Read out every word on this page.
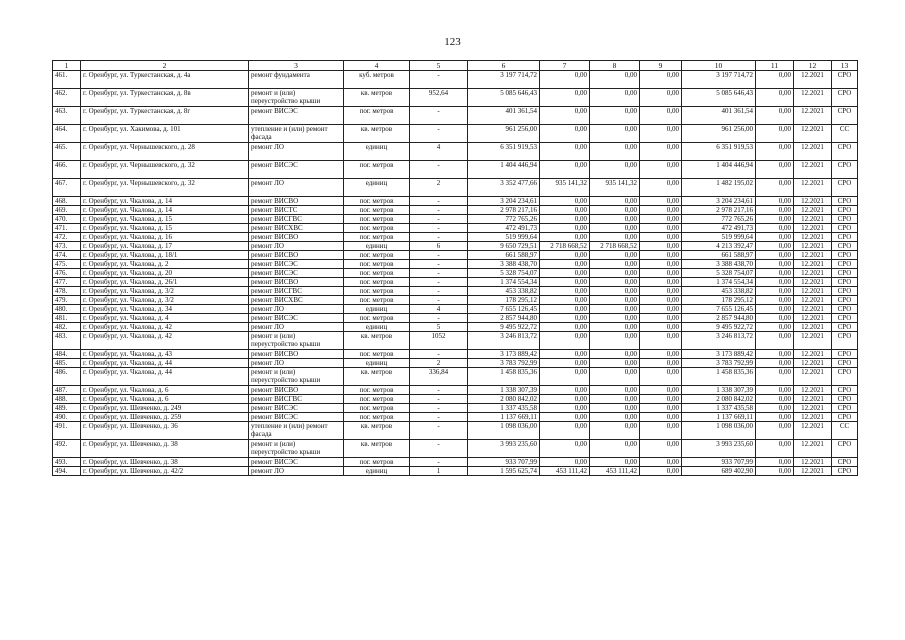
123
1	2	3	4	5	6	7	8	9	10	11	12	13
461.	г. Оренбург, ул. Туркестанская, д. 4а	ремонт фундамента	куб. метров	-	3 197 714,72	0,00	0,00	0,00	3 197 714,72	0,00	12.2021	СРО
462.	г. Оренбург, ул. Туркестанская, д. 8в	ремонт и (или) переустройство крыши	кв. метров	952,64	5 085 646,43	0,00	0,00	0,00	5 085 646,43	0,00	12.2021	СРО
463.	г. Оренбург, ул. Туркестанская, д. 8г	ремонт ВИСЭС	пог. метров	-	401 361,54	0,00	0,00	0,00	401 361,54	0,00	12.2021	СРО
464.	г. Оренбург, ул. Хакимова, д. 101	утепление и (или) ремонт фасада	кв. метров	-	961 256,00	0,00	0,00	0,00	961 256,00	0,00	12.2021	СС
465.	г. Оренбург, ул. Чернышевского, д. 28	ремонт ЛО	единиц	4	6 351 919,53	0,00	0,00	0,00	6 351 919,53	0,00	12.2021	СРО
466.	г. Оренбург, ул. Чернышевского, д. 32	ремонт ВИСЭС	пог. метров	-	1 404 446,94	0,00	0,00	0,00	1 404 446,94	0,00	12.2021	СРО
467.	г. Оренбург, ул. Чернышевского, д. 32	ремонт ЛО	единиц	2	3 352 477,66	935 141,32	935 141,32	0,00	1 482 195,02	0,00	12.2021	СРО
468.	г. Оренбург, ул. Чкалова, д. 14	ремонт ВИСВО	пог. метров	-	3 204 234,61	0,00	0,00	0,00	3 204 234,61	0,00	12.2021	СРО
469.	г. Оренбург, ул. Чкалова, д. 14	ремонт ВИСТС	пог. метров	-	2 978 217,16	0,00	0,00	0,00	2 978 217,16	0,00	12.2021	СРО
470.	г. Оренбург, ул. Чкалова, д. 15	ремонт ВИСГВС	пог. метров	-	772 765,26	0,00	0,00	0,00	772 765,26	0,00	12.2021	СРО
471.	г. Оренбург, ул. Чкалова, д. 15	ремонт ВИСХВС	пог. метров	-	472 491,73	0,00	0,00	0,00	472 491,73	0,00	12.2021	СРО
472.	г. Оренбург, ул. Чкалова, д. 16	ремонт ВИСВО	пог. метров	-	519 999,64	0,00	0,00	0,00	519 999,64	0,00	12.2021	СРО
473.	г. Оренбург, ул. Чкалова, д. 17	ремонт ЛО	единиц	6	9 650 729,51	2 718 668,52	2 718 668,52	0,00	4 213 392,47	0,00	12.2021	СРО
474.	г. Оренбург, ул. Чкалова, д. 18/1	ремонт ВИСВО	пог. метров	-	661 588,97	0,00	0,00	0,00	661 588,97	0,00	12.2021	СРО
475.	г. Оренбург, ул. Чкалова, д. 2	ремонт ВИСЭС	пог. метров	-	3 388 438,70	0,00	0,00	0,00	3 388 438,70	0,00	12.2021	СРО
476.	г. Оренбург, ул. Чкалова, д. 20	ремонт ВИСЭС	пог. метров	-	5 328 754,07	0,00	0,00	0,00	5 328 754,07	0,00	12.2021	СРО
477.	г. Оренбург, ул. Чкалова, д. 26/1	ремонт ВИСВО	пог. метров	-	1 374 554,34	0,00	0,00	0,00	1 374 554,34	0,00	12.2021	СРО
478.	г. Оренбург, ул. Чкалова, д. 3/2	ремонт ВИСГВС	пог. метров	-	453 338,82	0,00	0,00	0,00	453 338,82	0,00	12.2021	СРО
479.	г. Оренбург, ул. Чкалова, д. 3/2	ремонт ВИСХВС	пог. метров	-	178 295,12	0,00	0,00	0,00	178 295,12	0,00	12.2021	СРО
480.	г. Оренбург, ул. Чкалова, д. 34	ремонт ЛО	единиц	4	7 655 126,45	0,00	0,00	0,00	7 655 126,45	0,00	12.2021	СРО
481.	г. Оренбург, ул. Чкалова, д. 4	ремонт ВИСЭС	пог. метров	-	2 857 944,80	0,00	0,00	0,00	2 857 944,80	0,00	12.2021	СРО
482.	г. Оренбург, ул. Чкалова, д. 42	ремонт ЛО	единиц	5	9 495 922,72	0,00	0,00	0,00	9 495 922,72	0,00	12.2021	СРО
483.	г. Оренбург, ул. Чкалова, д. 42	ремонт и (или) переустройство крыши	кв. метров	1052	3 246 813,72	0,00	0,00	0,00	3 246 813,72	0,00	12.2021	СРО
484.	г. Оренбург, ул. Чкалова, д. 43	ремонт ВИСВО	пог. метров	-	3 173 889,42	0,00	0,00	0,00	3 173 889,42	0,00	12.2021	СРО
485.	г. Оренбург, ул. Чкалова, д. 44	ремонт ЛО	единиц	2	3 783 792,99	0,00	0,00	0,00	3 783 792,99	0,00	12.2021	СРО
486.	г. Оренбург, ул. Чкалова, д. 44	ремонт и (или) переустройство крыши	кв. метров	336,84	1 458 835,36	0,00	0,00	0,00	1 458 835,36	0,00	12.2021	СРО
487.	г. Оренбург, ул. Чкалова, д. 6	ремонт ВИСВО	пог. метров	-	1 338 307,39	0,00	0,00	0,00	1 338 307,39	0,00	12.2021	СРО
488.	г. Оренбург, ул. Чкалова, д. 6	ремонт ВИСГВС	пог. метров	-	2 080 842,02	0,00	0,00	0,00	2 080 842,02	0,00	12.2021	СРО
489.	г. Оренбург, ул. Шевченко, д. 249	ремонт ВИСЭС	пог. метров	-	1 337 435,58	0,00	0,00	0,00	1 337 435,58	0,00	12.2021	СРО
490.	г. Оренбург, ул. Шевченко, д. 259	ремонт ВИСЭС	пог. метров	-	1 137 669,11	0,00	0,00	0,00	1 137 669,11	0,00	12.2021	СРО
491.	г. Оренбург, ул. Шевченко, д. 36	утепление и (или) ремонт фасада	кв. метров	-	1 098 036,00	0,00	0,00	0,00	1 098 036,00	0,00	12.2021	СС
492.	г. Оренбург, ул. Шевченко, д. 38	ремонт и (или) переустройство крыши	кв. метров	-	3 993 235,60	0,00	0,00	0,00	3 993 235,60	0,00	12.2021	СРО
493.	г. Оренбург, ул. Шевченко, д. 38	ремонт ВИСЭС	пог. метров	-	933 707,99	0,00	0,00	0,00	933 707,99	0,00	12.2021	СРО
494.	г. Оренбург, ул. Шевченко, д. 42/2	ремонт ЛО	единиц	1	1 595 625,74	453 111,42	453 111,42	0,00	689 402,90	0,00	12.2021	СРО
